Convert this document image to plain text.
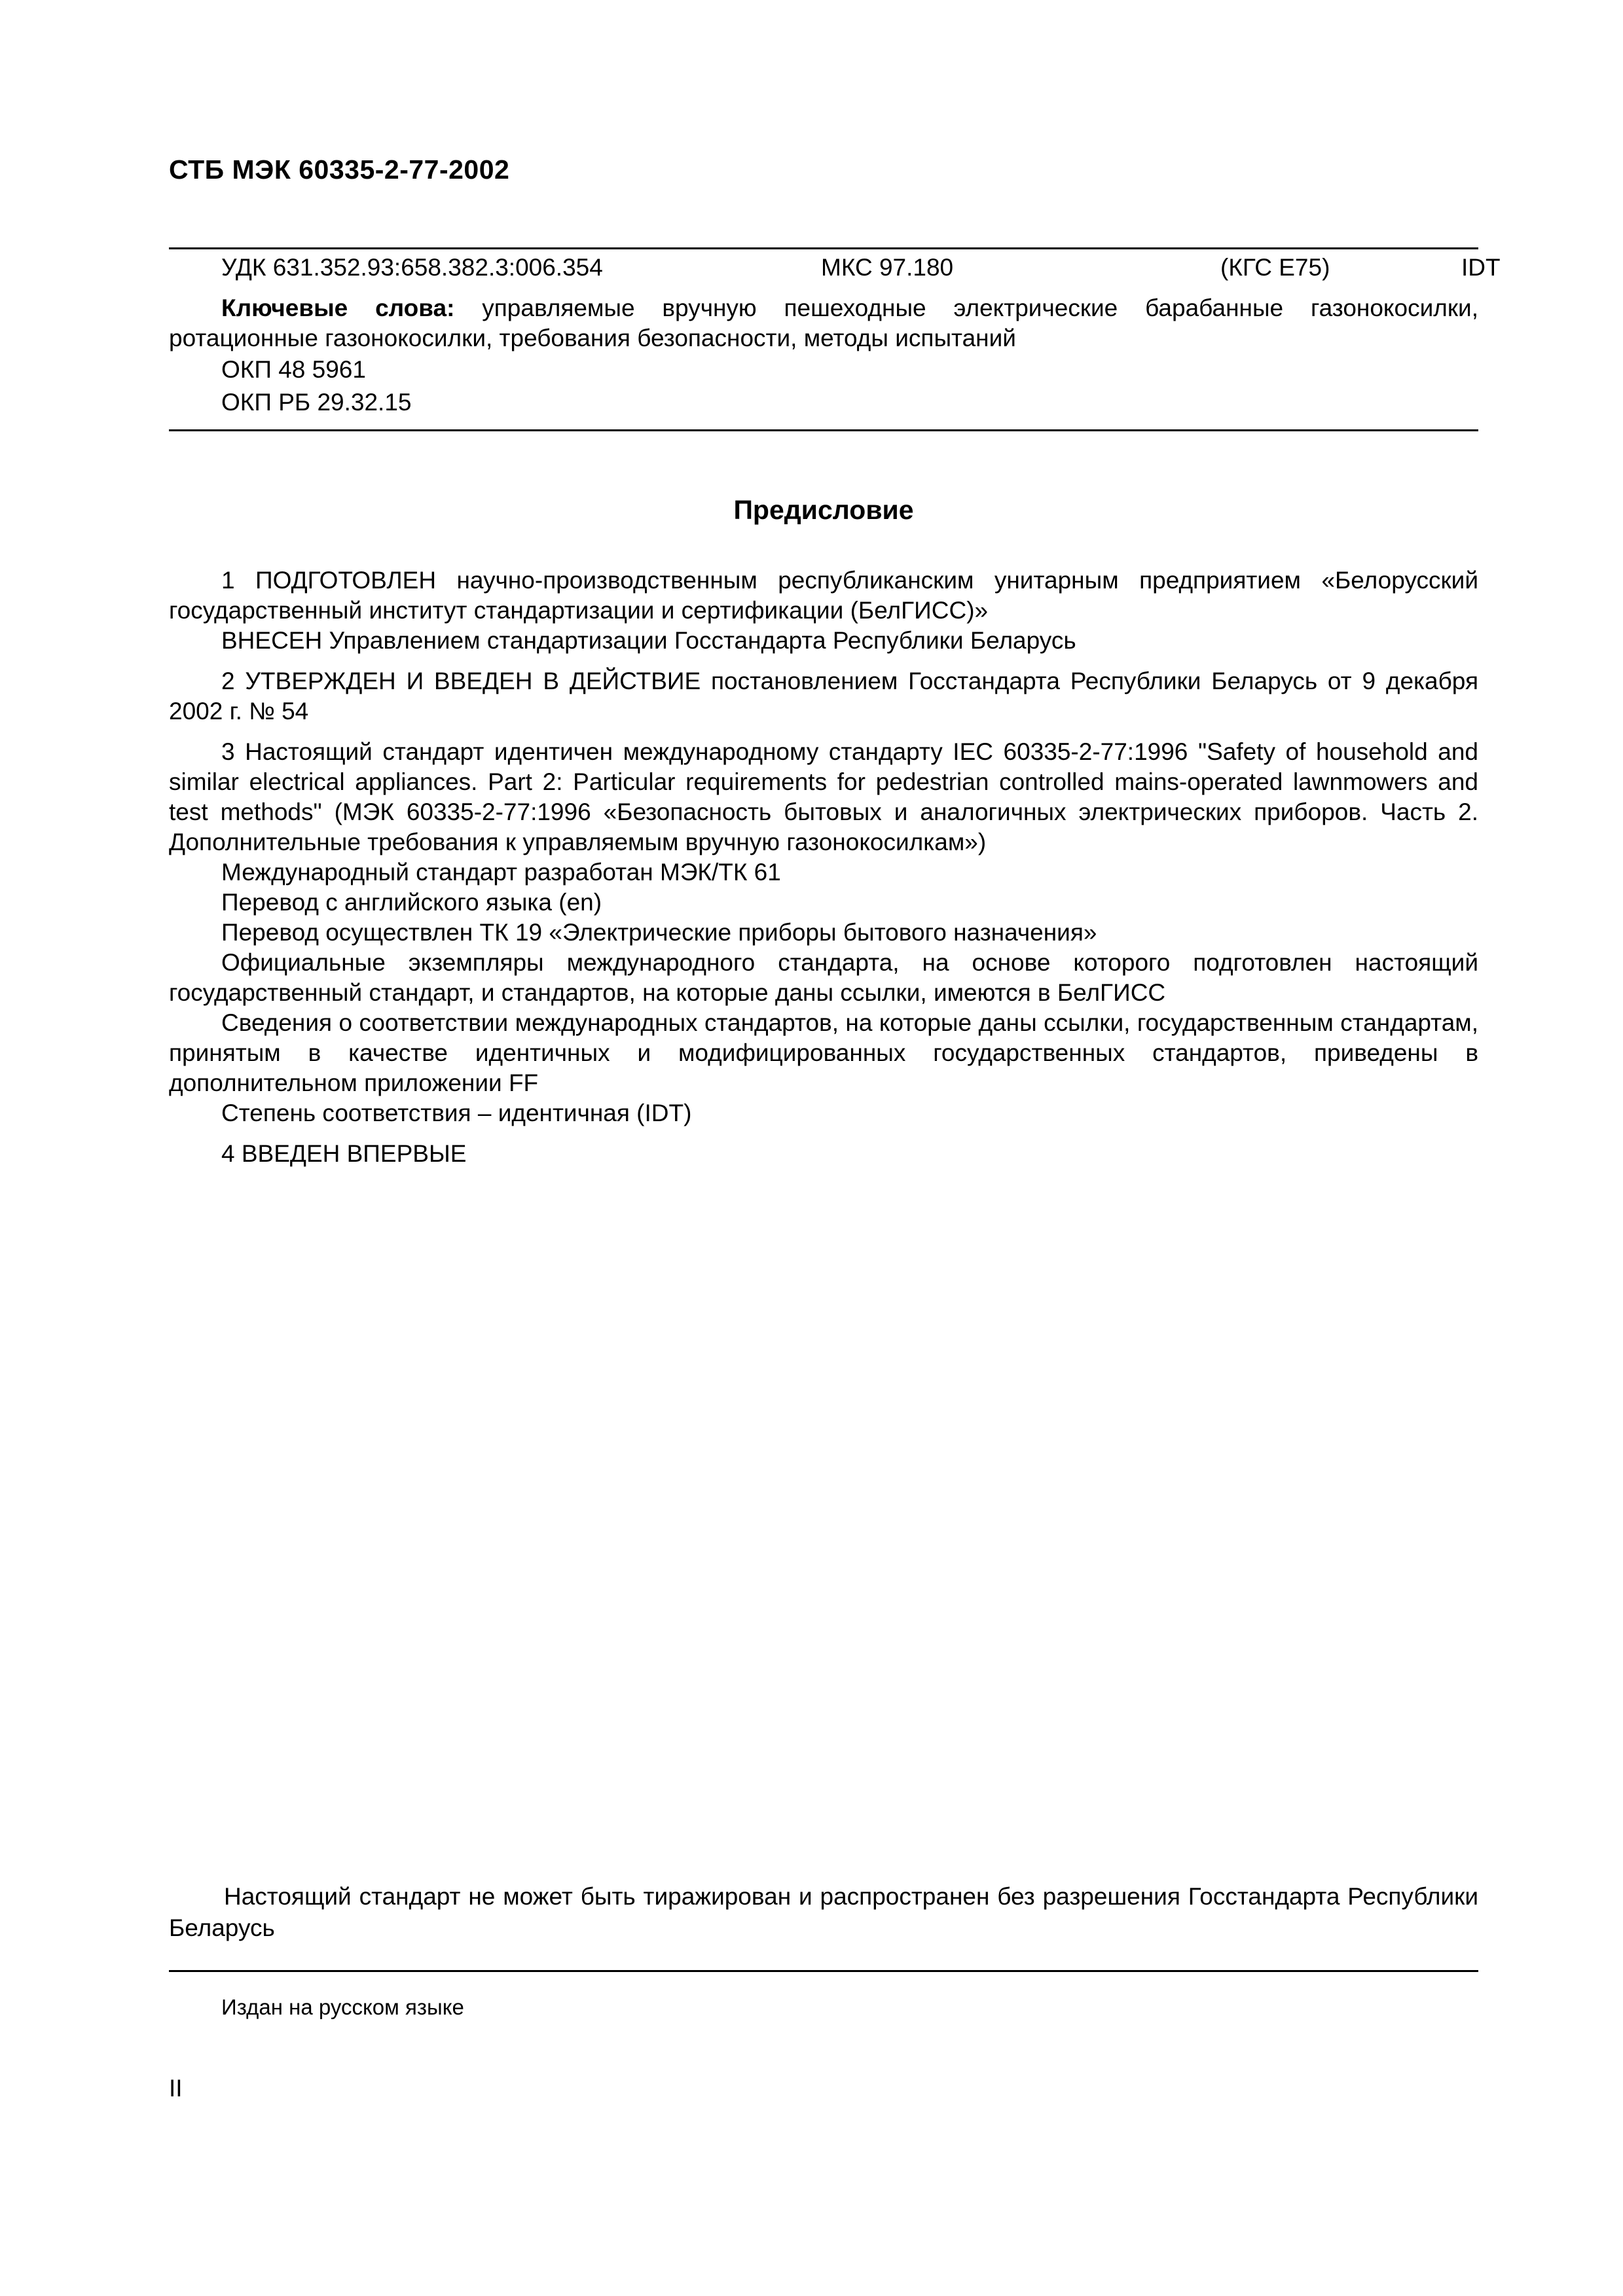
СТБ МЭК 60335-2-77-2002
УДК 631.352.93:658.382.3:006.354	МКС 97.180	(КГС Е75)	IDT
Ключевые слова: управляемые вручную пешеходные электрические барабанные газонокосилки, ротационные газонокосилки, требования безопасности, методы испытаний
ОКП 48 5961
ОКП РБ 29.32.15
Предисловие

1 ПОДГОТОВЛЕН научно-производственным республиканским унитарным предприятием «Белорусский государственный институт стандартизации и сертификации (БелГИСС)»

ВНЕСЕН Управлением стандартизации Госстандарта Республики Беларусь

2 УТВЕРЖДЕН И ВВЕДЕН В ДЕЙСТВИЕ постановлением Госстандарта Республики Беларусь от 9 декабря 2002 г. № 54

3 Настоящий стандарт идентичен международному стандарту IEC 60335-2-77:1996 "Safety of household and similar electrical appliances. Part 2: Particular requirements for pedestrian controlled mains-operated lawnmowers and test methods" (МЭК 60335-2-77:1996 «Безопасность бытовых и аналогичных электрических приборов. Часть 2. Дополнительные требования к управляемым вручную газонокосилкам»)

Международный стандарт разработан МЭК/ТК 61

Перевод с английского языка (en)

Перевод осуществлен ТК 19 «Электрические приборы бытового назначения»

Официальные экземпляры международного стандарта, на основе которого подготовлен настоящий государственный стандарт, и стандартов, на которые даны ссылки, имеются в БелГИСС

Сведения о соответствии международных стандартов, на которые даны ссылки, государственным стандартам, принятым в качестве идентичных и модифицированных государственных стандартов, приведены в дополнительном приложении FF

Степень соответствия – идентичная (IDT)

4 ВВЕДЕН ВПЕРВЫЕ

Настоящий стандарт не может быть тиражирован и распространен без разрешения Госстандарта Республики Беларусь
Издан на русском языке
II
